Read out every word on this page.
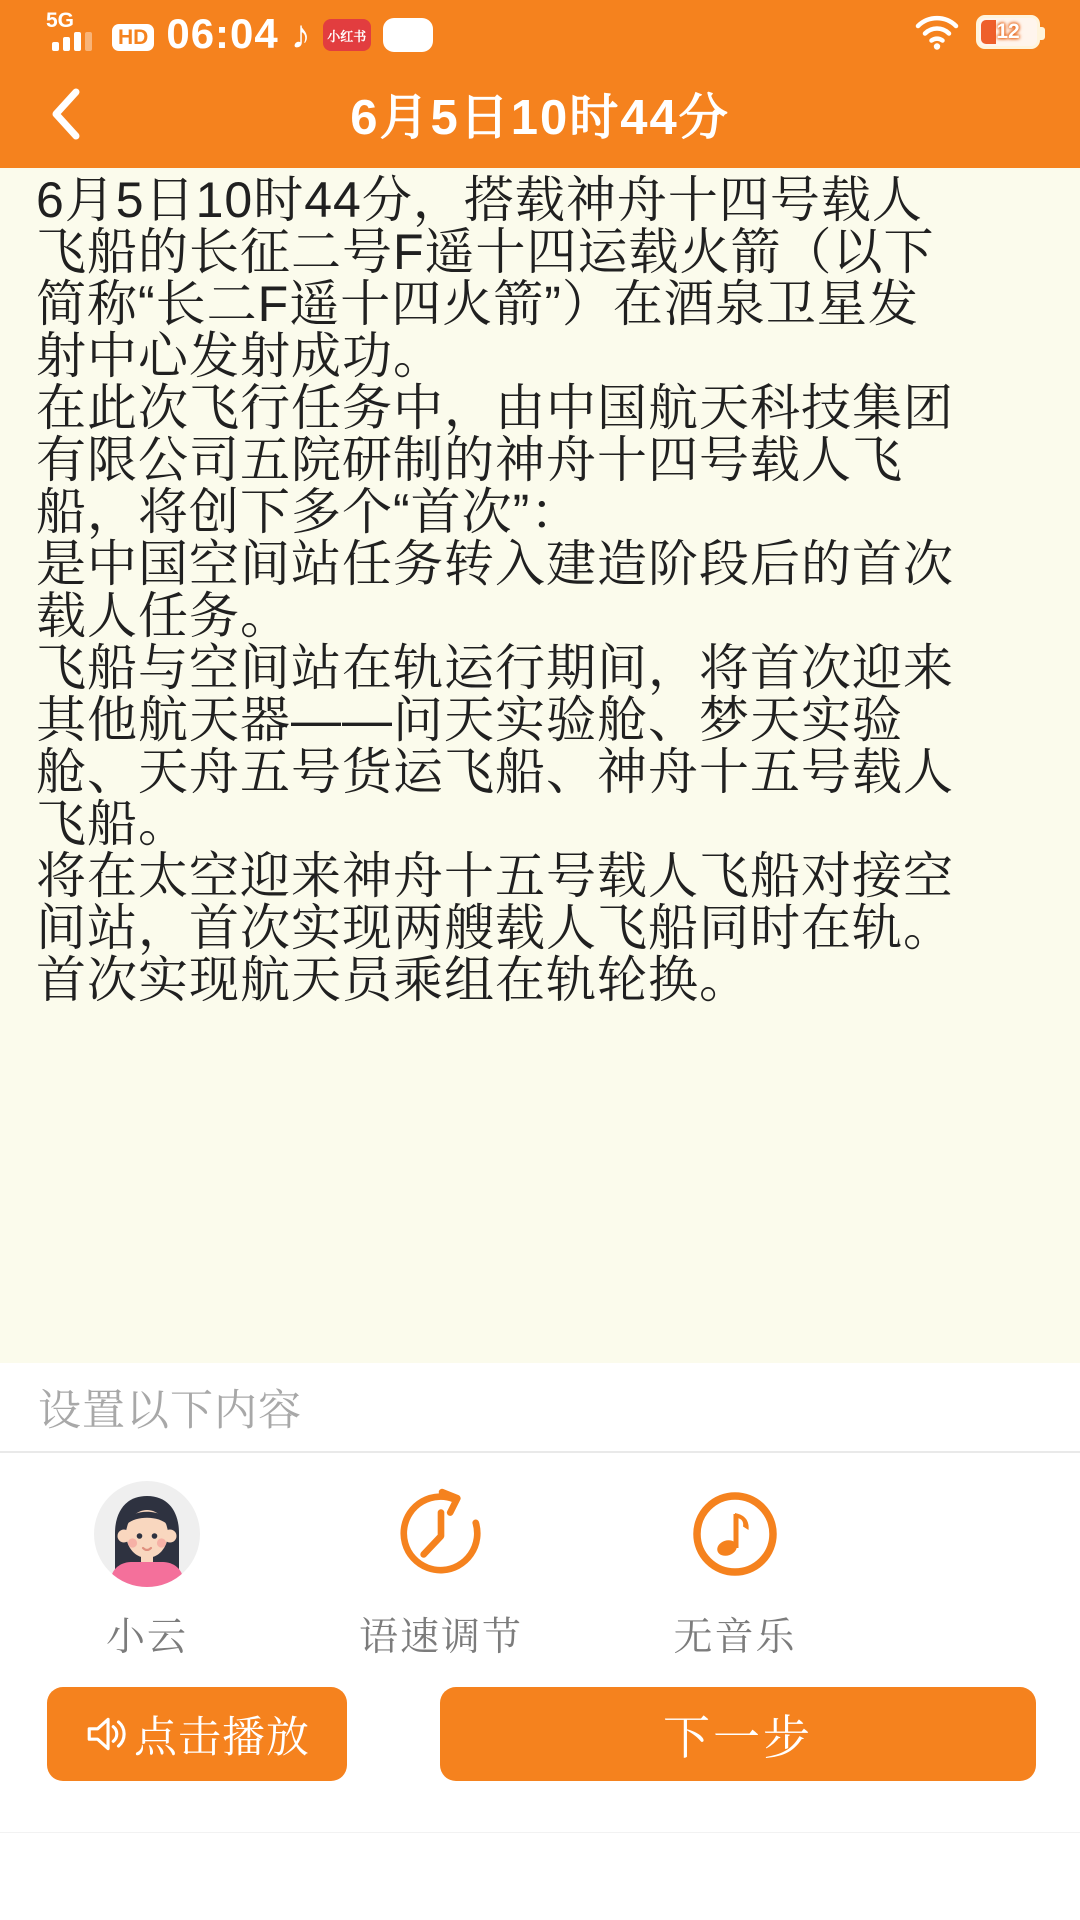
5G
HD 06:04 ♪	小红书	12
6月5日10时44分
6月5日10时44分，搭载神舟十四号载人
飞船的长征二号F遥十四运载火箭（以下
简称“长二F遥十四火箭”）在酒泉卫星发
射中心发射成功。
在此次飞行任务中，由中国航天科技集团
有限公司五院研制的神舟十四号载人飞
船，将创下多个“首次”：
是中国空间站任务转入建造阶段后的首次
载人任务。
飞船与空间站在轨运行期间，将首次迎来
其他航天器——问天实验舱、梦天实验
舱、天舟五号货运飞船、神舟十五号载人
飞船。
将在太空迎来神舟十五号载人飞船对接空
间站，首次实现两艘载人飞船同时在轨。
首次实现航天员乘组在轨轮换。
设置以下内容
小云	语速调节	无音乐
点击播放	下一步
